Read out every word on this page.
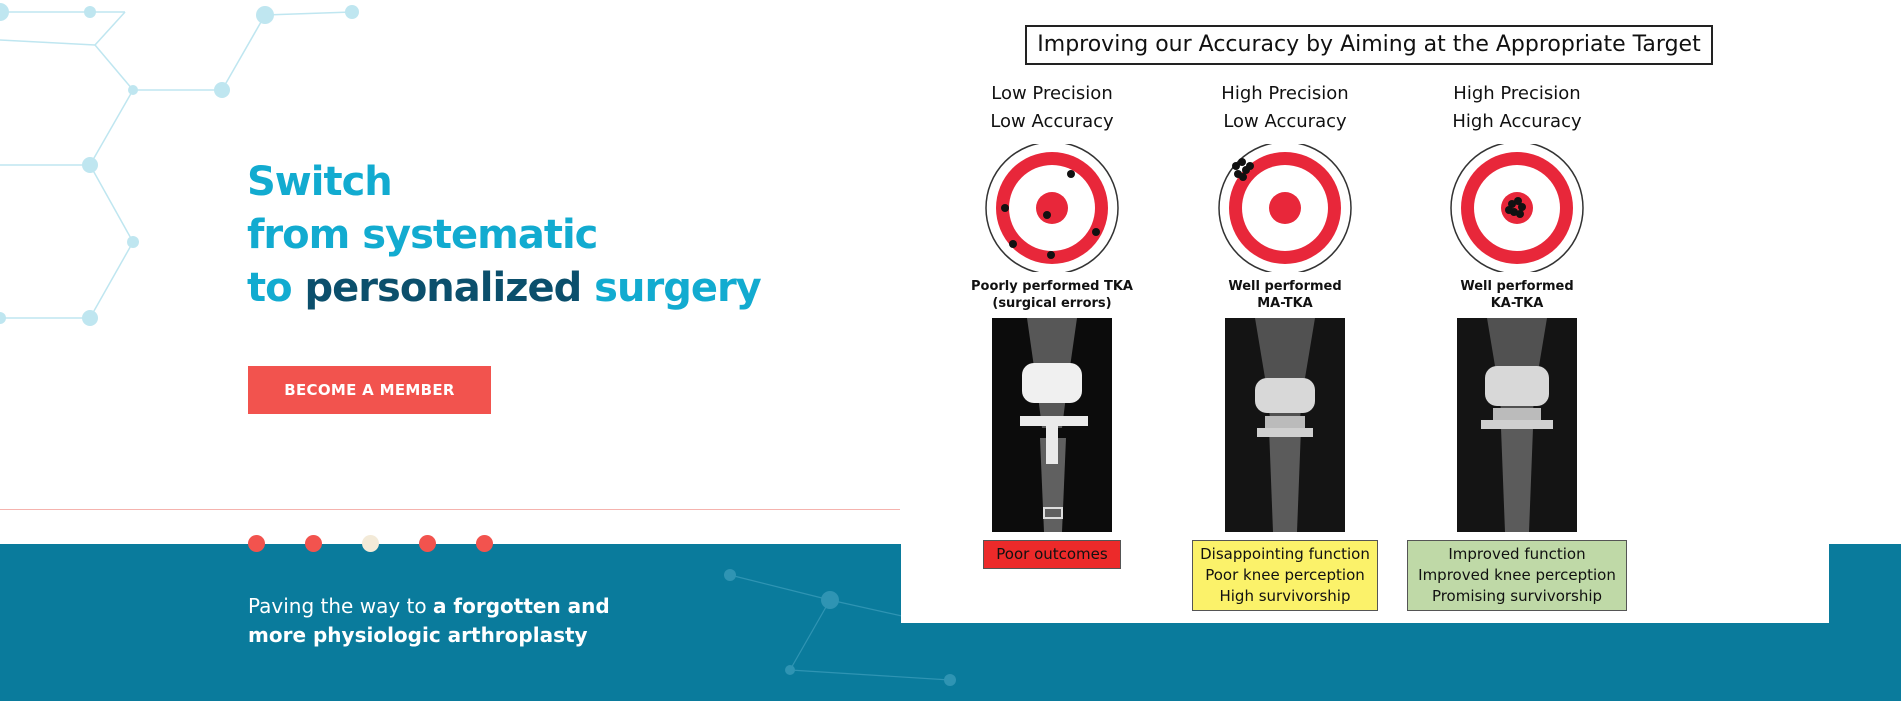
Switch
from systematic
to personalized surgery
BECOME A MEMBER

Paving the way to a forgotten and
more physiologic arthroplasty

Improving our Accuracy by Aiming at the Appropriate Target

Low Precision

Low Accuracy

Poorly performed TKA
(surgical errors)
Poor outcomes

High Precision

Low Accuracy

Well performed
MA-TKA
Disappointing function
Poor knee perception
High survivorship

High Precision

High Accuracy

Well performed
KA-TKA
Improved function
Improved knee perception
Promising survivorship
